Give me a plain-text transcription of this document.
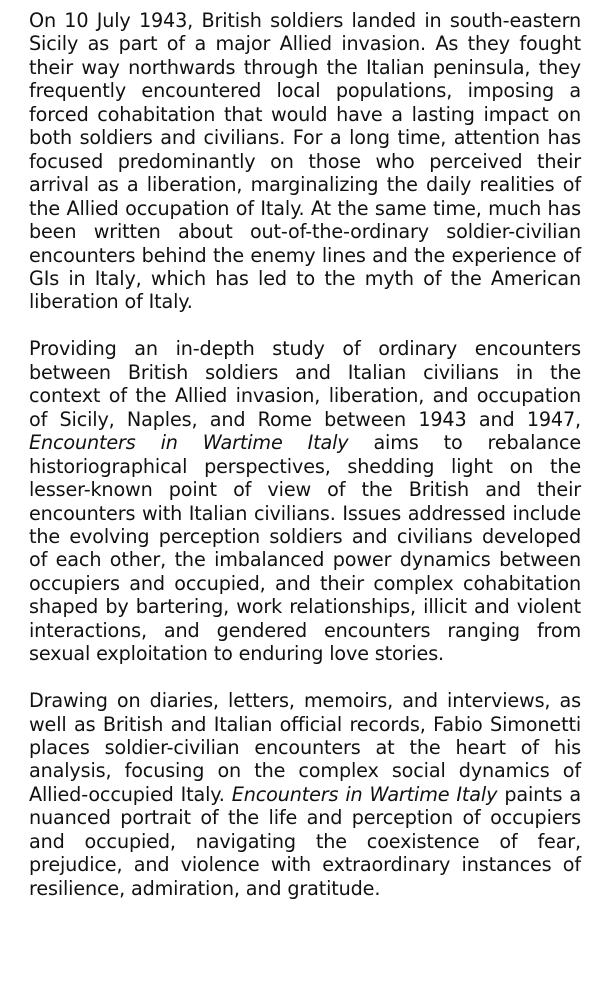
On 10 July 1943, British soldiers landed in south-eastern Sicily as part of a major Allied invasion. As they fought their way northwards through the Italian peninsula, they frequently encountered local populations, imposing a forced cohabitation that would have a lasting impact on both soldiers and civilians. For a long time, attention has focused predominantly on those who perceived their arrival as a liberation, marginalizing the daily realities of the Allied occupation of Italy. At the same time, much has been written about out-of-the-ordinary soldier-civilian encounters behind the enemy lines and the experience of GIs in Italy, which has led to the myth of the American liberation of Italy.

Providing an in-depth study of ordinary encounters between British soldiers and Italian civilians in the context of the Allied invasion, liberation, and occupation of Sicily, Naples, and Rome between 1943 and 1947, Encounters in Wartime Italy aims to rebalance historiographical perspectives, shedding light on the lesser-known point of view of the British and their encounters with Italian civilians. Issues addressed include the evolving perception soldiers and civilians developed of each other, the imbalanced power dynamics between occupiers and occupied, and their complex cohabitation shaped by bartering, work relationships, illicit and violent interactions, and gendered encounters ranging from sexual exploitation to enduring love stories.

Drawing on diaries, letters, memoirs, and interviews, as well as British and Italian official records, Fabio Simonetti places soldier-civilian encounters at the heart of his analysis, focusing on the complex social dynamics of Allied-occupied Italy. Encounters in Wartime Italy paints a nuanced portrait of the life and perception of occupiers and occupied, navigating the coexistence of fear, prejudice, and violence with extraordinary instances of resilience, admiration, and gratitude.
